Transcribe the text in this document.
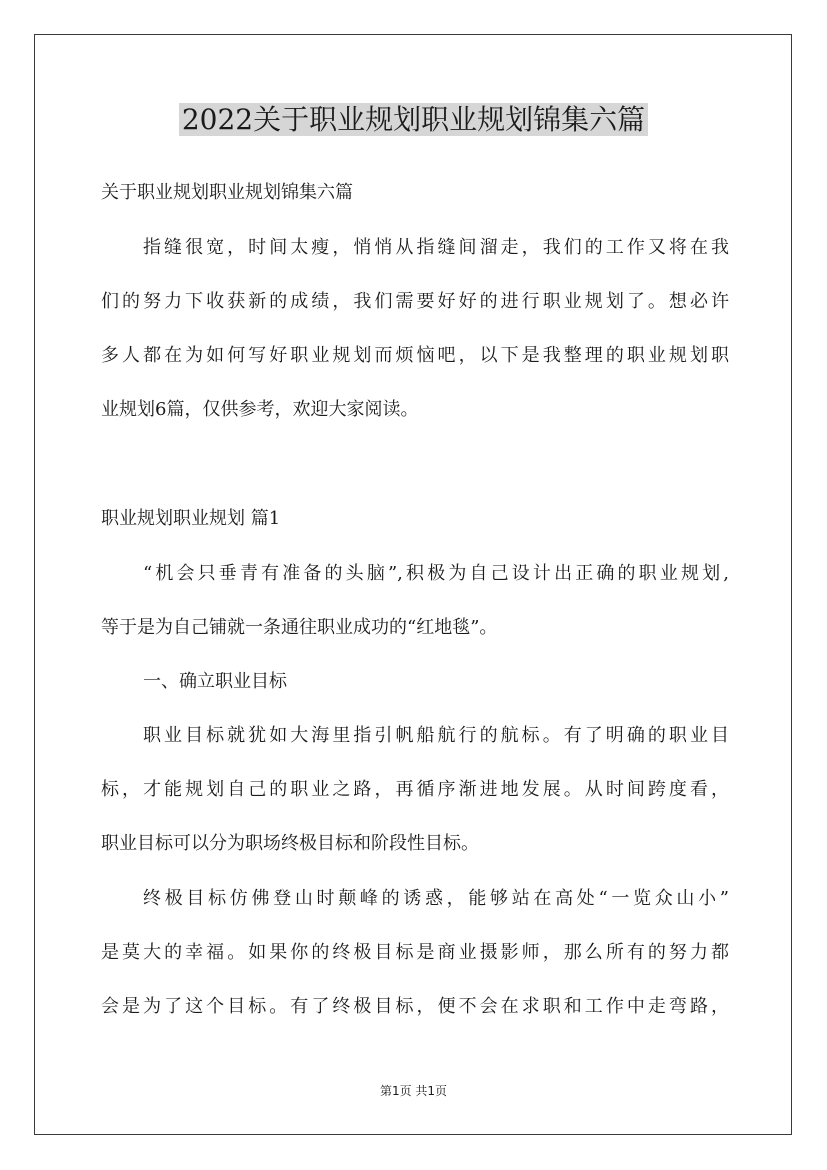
2022关于职业规划职业规划锦集六篇
关于职业规划职业规划锦集六篇
指缝很宽，时间太瘦，悄悄从指缝间溜走，我们的工作又将在我
们的努力下收获新的成绩，我们需要好好的进行职业规划了。想必许
多人都在为如何写好职业规划而烦恼吧，以下是我整理的职业规划职
业规划6篇，仅供参考，欢迎大家阅读。
职业规划职业规划 篇1
“机会只垂青有准备的头脑”,积极为自己设计出正确的职业规划,
等于是为自己铺就一条通往职业成功的“红地毯”。
一、确立职业目标
职业目标就犹如大海里指引帆船航行的航标。有了明确的职业目
标，才能规划自己的职业之路，再循序渐进地发展。从时间跨度看，
职业目标可以分为职场终极目标和阶段性目标。
终极目标仿佛登山时颠峰的诱惑，能够站在高处“一览众山小”
是莫大的幸福。如果你的终极目标是商业摄影师，那么所有的努力都
会是为了这个目标。有了终极目标，便不会在求职和工作中走弯路，
第1页 共1页
